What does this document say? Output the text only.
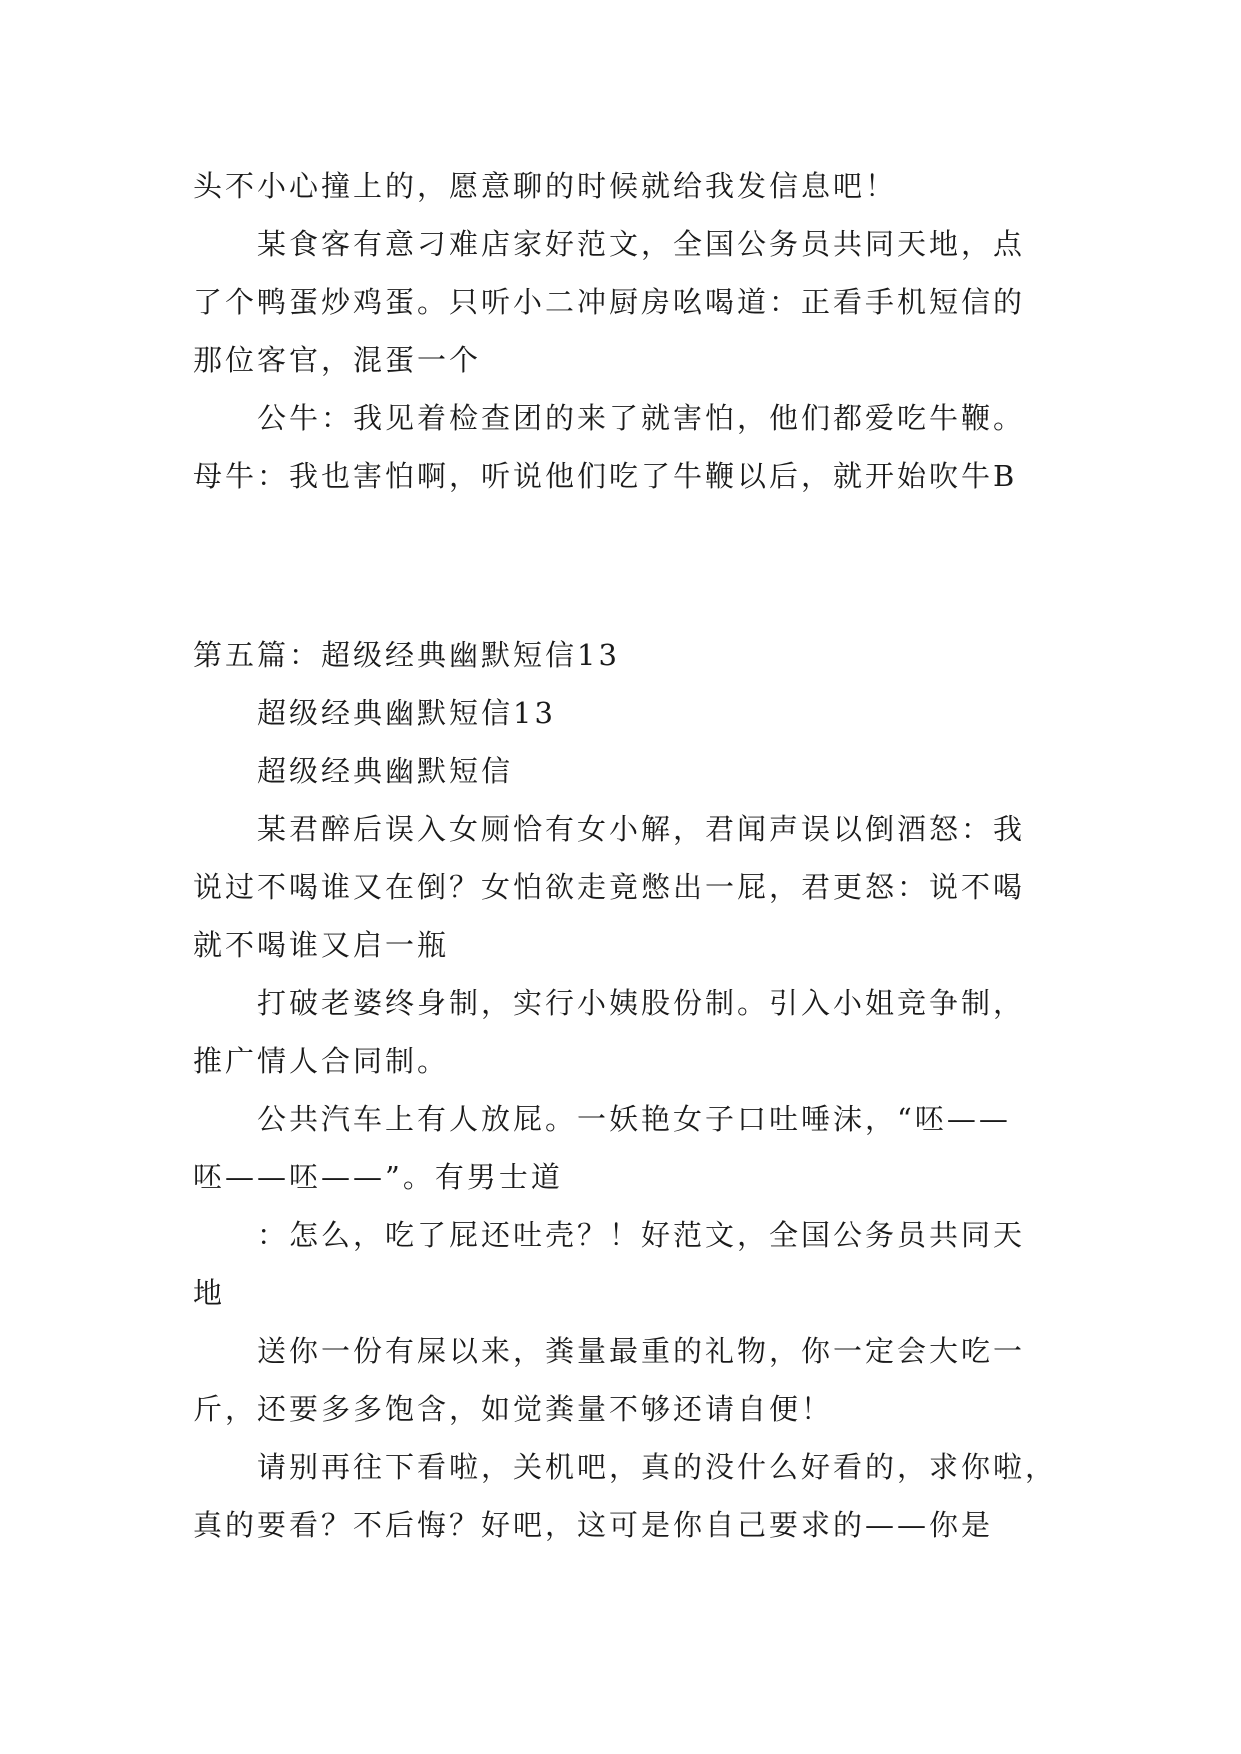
头不小心撞上的，愿意聊的时候就给我发信息吧！

某食客有意刁难店家好范文，全国公务员共同天地，点

了个鸭蛋炒鸡蛋。只听小二冲厨房吆喝道：正看手机短信的
那位客官，混蛋一个

公牛：我见着检查团的来了就害怕，他们都爱吃牛鞭。

母牛：我也害怕啊，听说他们吃了牛鞭以后，就开始吹牛B

第五篇：超级经典幽默短信13

超级经典幽默短信13

超级经典幽默短信

某君醉后误入女厕恰有女小解，君闻声误以倒酒怒：我

说过不喝谁又在倒？女怕欲走竟憋出一屁，君更怒：说不喝
就不喝谁又启一瓶

打破老婆终身制，实行小姨股份制。引入小姐竞争制，

推广情人合同制。

公共汽车上有人放屁。一妖艳女子口吐唾沫，“呸——

呸——呸——”。有男士道

：怎么，吃了屁还吐壳？！好范文，全国公务员共同天

地

送你一份有屎以来，粪量最重的礼物，你一定会大吃一

斤，还要多多饱含，如觉粪量不够还请自便！

请别再往下看啦，关机吧，真的没什么好看的，求你啦，

真的要看？不后悔？好吧，这可是你自己要求的——你是
